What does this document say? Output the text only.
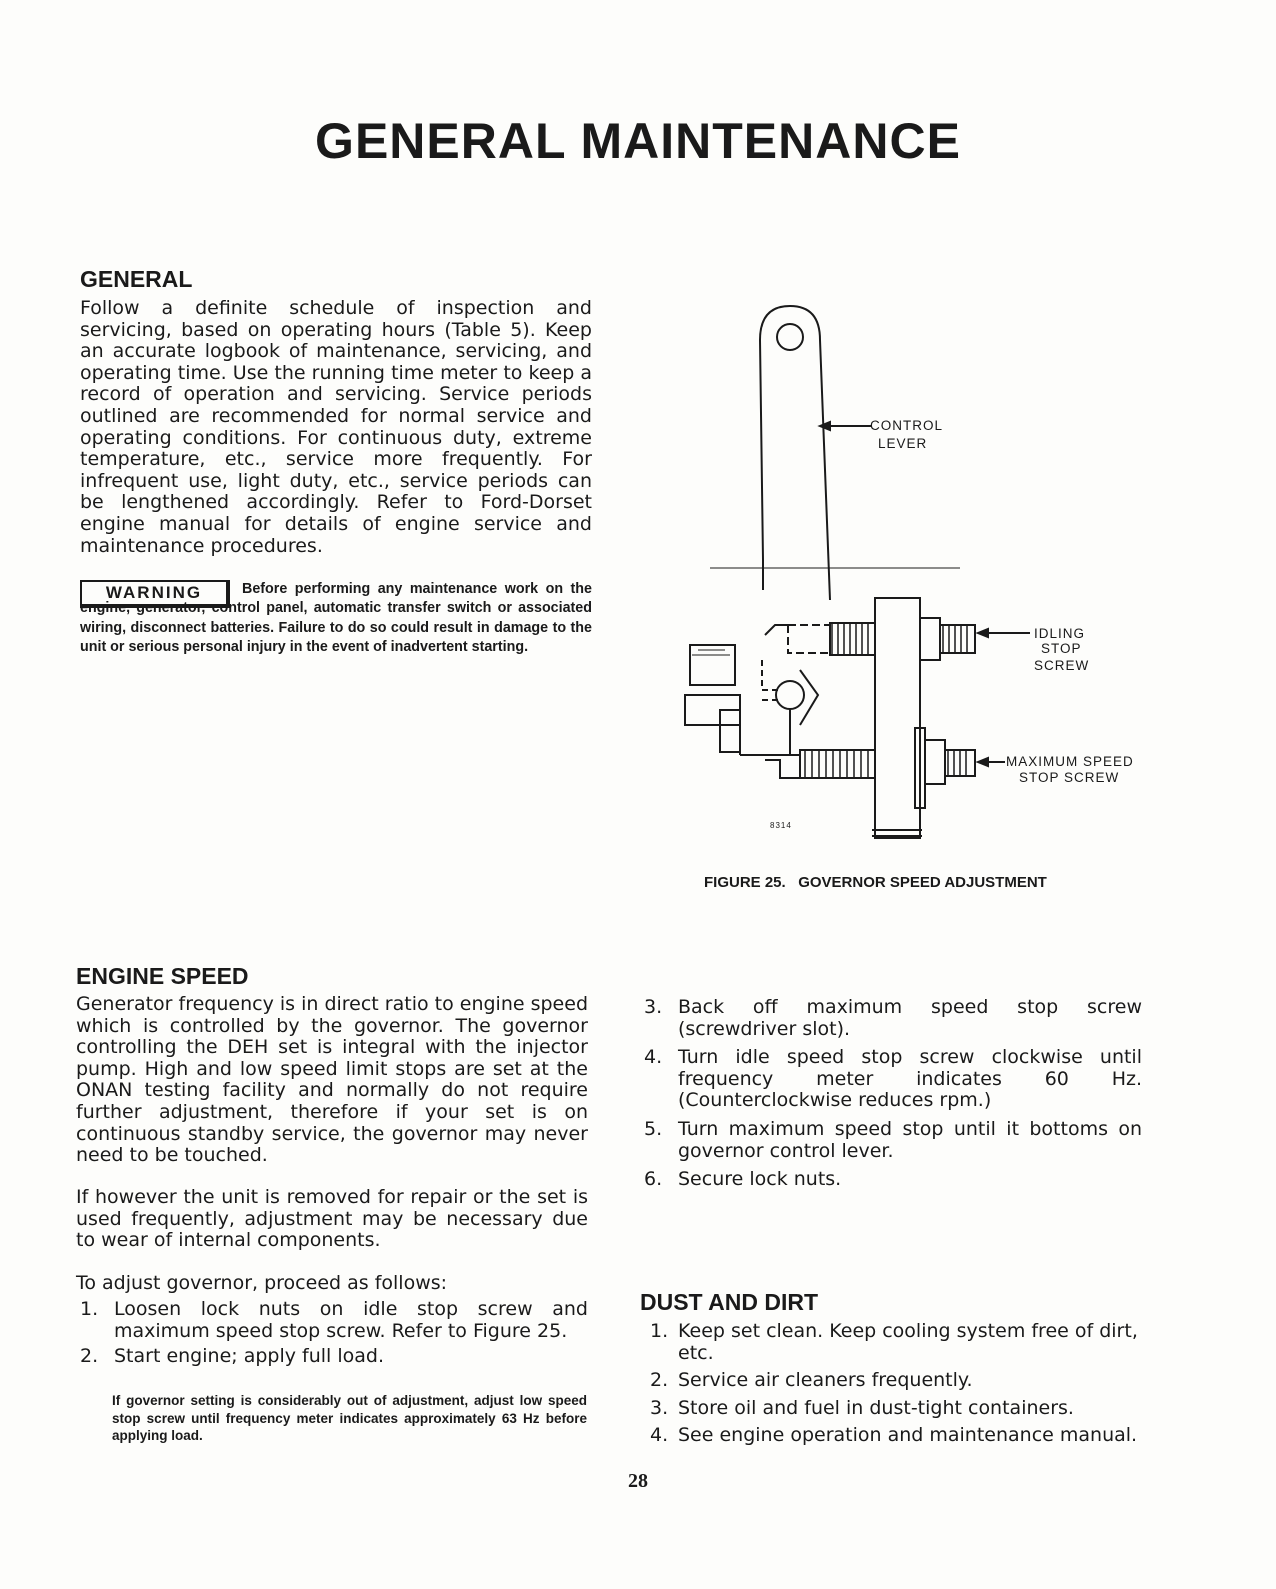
GENERAL MAINTENANCE
GENERAL
Follow a definite schedule of inspection and servicing, based on operating hours (Table 5). Keep an accurate logbook of maintenance, servicing, and operating time. Use the running time meter to keep a record of operation and servicing. Service periods outlined are recommended for normal service and operating conditions. For continuous duty, extreme temperature, etc., service more frequently. For infrequent use, light duty, etc., service periods can be lengthened accordingly. Refer to Ford-Dorset engine manual for details of engine service and maintenance procedures.
WARNING	Before performing any maintenance work on the engine, generator, control panel, automatic transfer switch or associated wiring, disconnect batteries. Failure to do so could result in damage to the unit or serious personal injury in the event of inadvertent starting.
CONTROL
LEVER
IDLING
STOP
SCREW
MAXIMUM SPEED
STOP SCREW
8314
FIGURE 25.   GOVERNOR SPEED ADJUSTMENT
ENGINE SPEED
Generator frequency is in direct ratio to engine speed which is controlled by the governor. The governor controlling the DEH set is integral with the injector pump. High and low speed limit stops are set at the ONAN testing facility and normally do not require further adjustment, therefore if your set is on continuous standby service, the governor may never need to be touched.
If however the unit is removed for repair or the set is used frequently, adjustment may be necessary due to wear of internal components.
To adjust governor, proceed as follows:
1. Loosen lock nuts on idle stop screw and maximum speed stop screw. Refer to Figure 25.
2. Start engine; apply full load.
If governor setting is considerably out of adjustment, adjust low speed stop screw until frequency meter indicates approximately 63 Hz before applying load.
3. Back off maximum speed stop screw (screwdriver slot).
4. Turn idle speed stop screw clockwise until frequency meter indicates 60 Hz. (Counterclockwise reduces rpm.)
5. Turn maximum speed stop until it bottoms on governor control lever.
6. Secure lock nuts.
DUST AND DIRT
1. Keep set clean. Keep cooling system free of dirt, etc.
2. Service air cleaners frequently.
3. Store oil and fuel in dust-tight containers.
4. See engine operation and maintenance manual.
28
